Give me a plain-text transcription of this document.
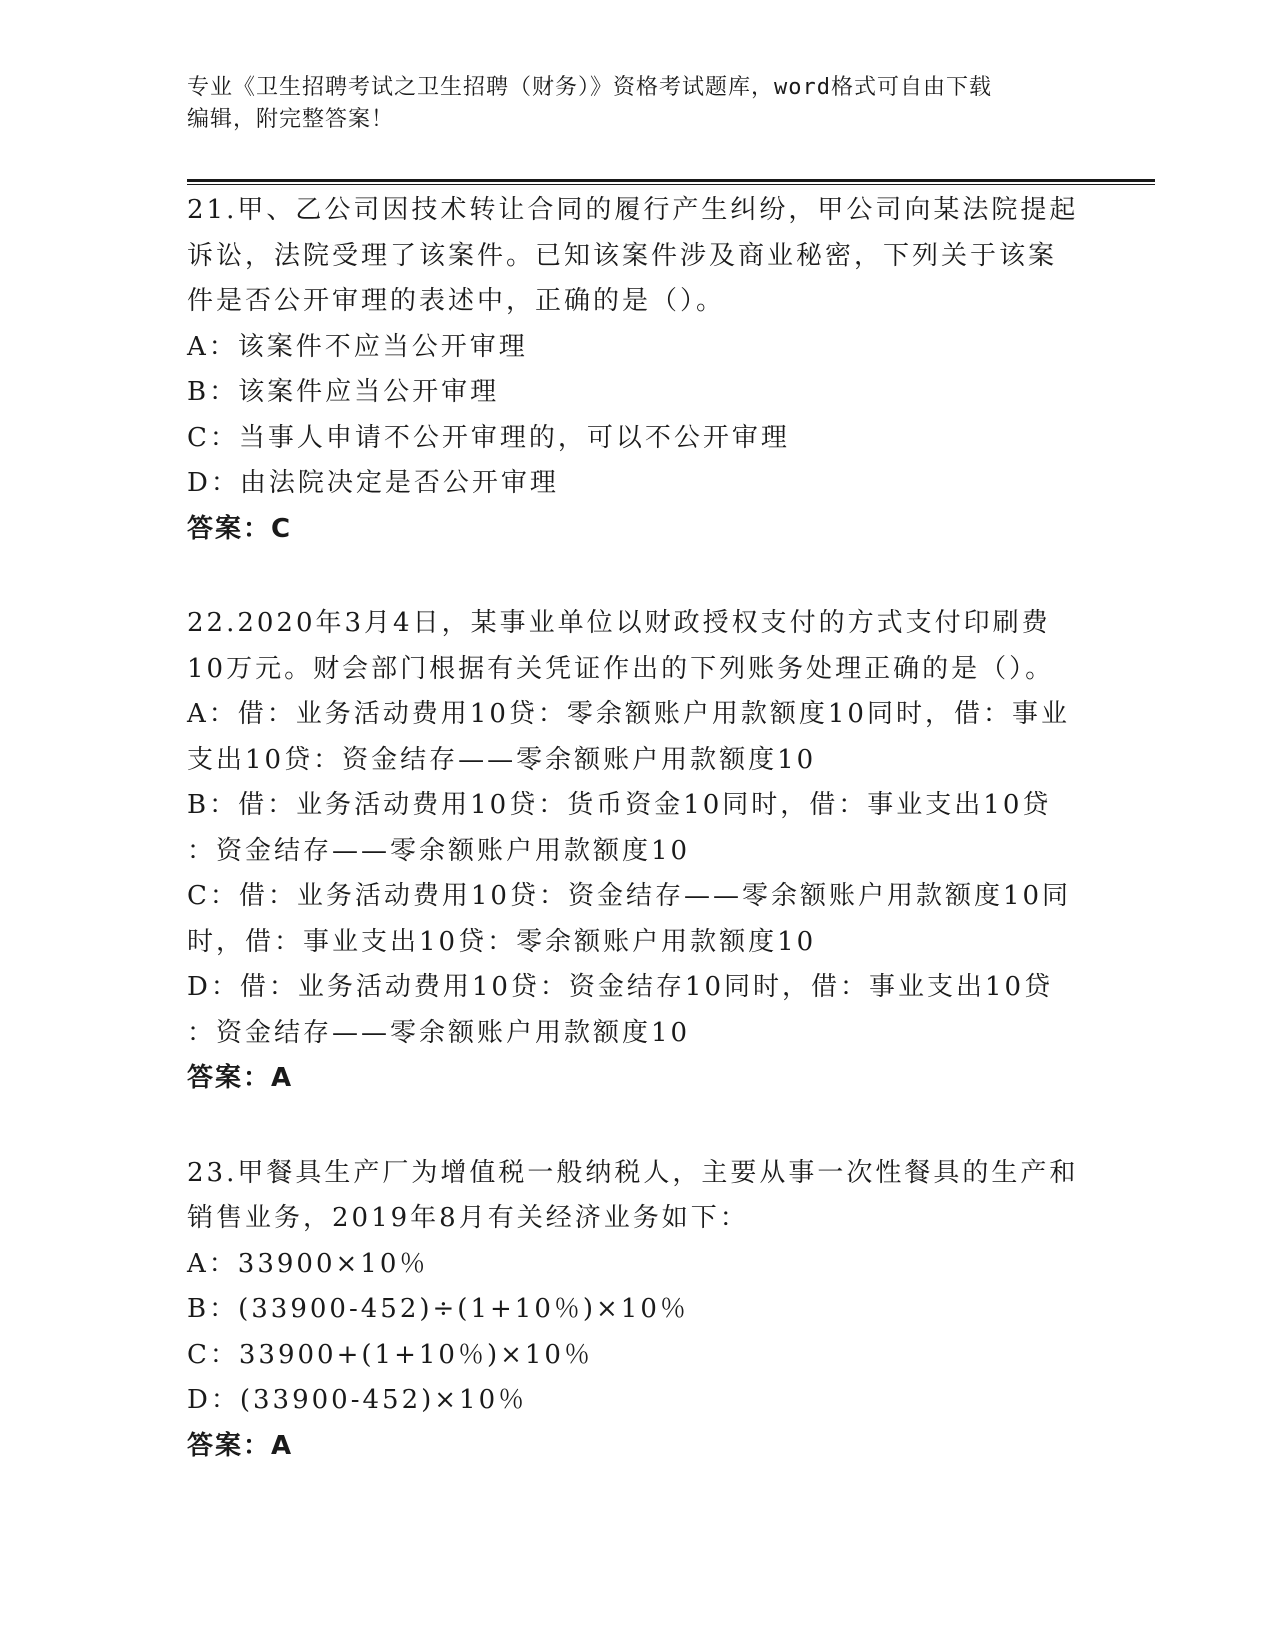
专业《卫生招聘考试之卫生招聘（财务）》资格考试题库，word格式可自由下载
编辑，附完整答案！
21.甲、乙公司因技术转让合同的履行产生纠纷，甲公司向某法院提起
诉讼，法院受理了该案件。已知该案件涉及商业秘密，下列关于该案
件是否公开审理的表述中，正确的是（）。
A：该案件不应当公开审理
B：该案件应当公开审理
C：当事人申请不公开审理的，可以不公开审理
D：由法院决定是否公开审理
答案：C
22.2020年3月4日，某事业单位以财政授权支付的方式支付印刷费
10万元。财会部门根据有关凭证作出的下列账务处理正确的是（）。
A：借：业务活动费用10贷：零余额账户用款额度10同时，借：事业
支出10贷：资金结存——零余额账户用款额度10
B：借：业务活动费用10贷：货币资金10同时，借：事业支出10贷
：资金结存——零余额账户用款额度10
C：借：业务活动费用10贷：资金结存——零余额账户用款额度10同
时，借：事业支出10贷：零余额账户用款额度10
D：借：业务活动费用10贷：资金结存10同时，借：事业支出10贷
：资金结存——零余额账户用款额度10
答案：A
23.甲餐具生产厂为增值税一般纳税人，主要从事一次性餐具的生产和
销售业务，2019年8月有关经济业务如下：
A：33900×10％
B：(33900-452)÷(1+10％)×10％
C：33900+(1+10％)×10％
D：(33900-452)×10％
答案：A
